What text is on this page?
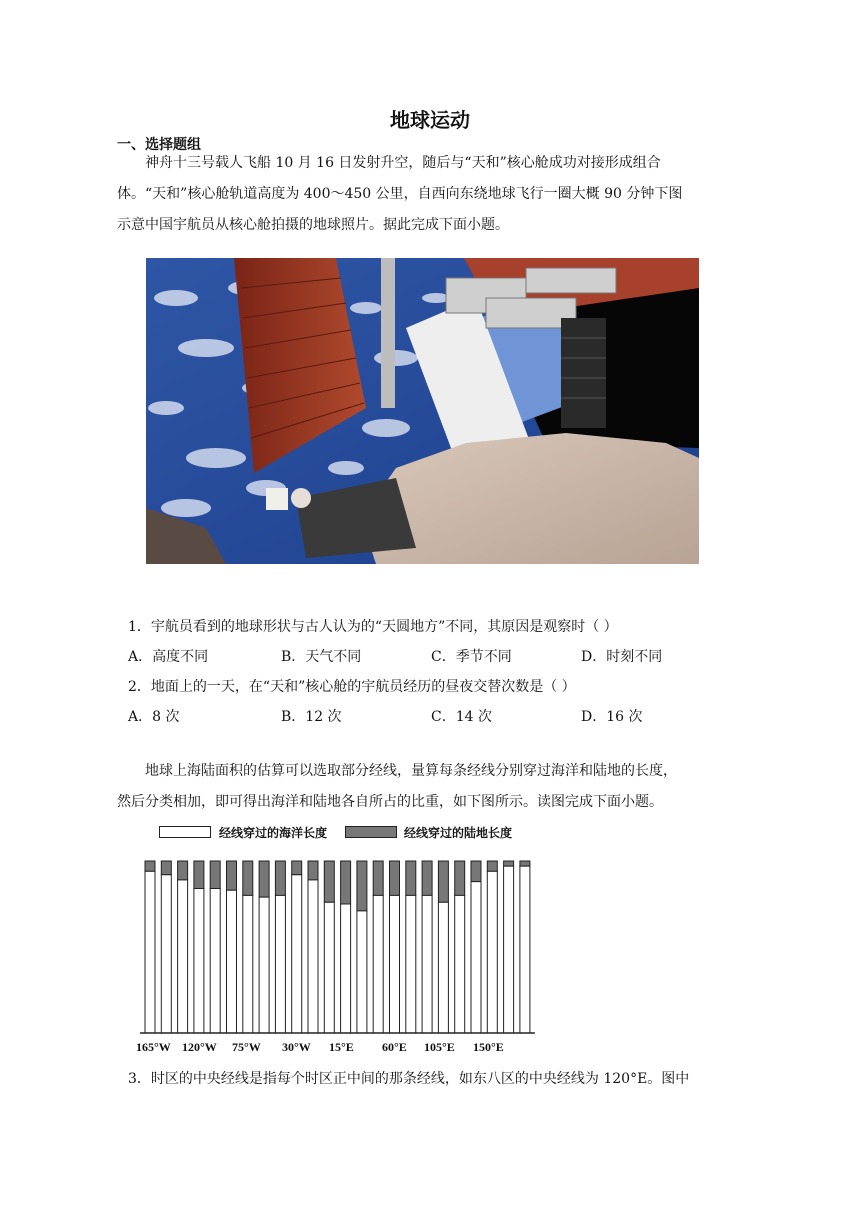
地球运动
一、选择题组
神舟十三号载人飞船 10 月 16 日发射升空，随后与“天和”核心舱成功对接形成组合
体。“天和”核心舱轨道高度为 400～450 公里，自西向东绕地球飞行一圈大概 90 分钟下图
示意中国宇航员从核心舱拍摄的地球照片。据此完成下面小题。
1．宇航员看到的地球形状与古人认为的“天圆地方”不同，其原因是观察时（ ）
A．高度不同	B．天气不同	C．季节不同	D．时刻不同
2．地面上的一天，在“天和”核心舱的宇航员经历的昼夜交替次数是（ ）
A．8 次	B．12 次	C．14 次	D．16 次
地球上海陆面积的估算可以选取部分经线，量算每条经线分别穿过海洋和陆地的长度，
然后分类相加，即可得出海洋和陆地各自所占的比重，如下图所示。读图完成下面小题。
经线穿过的海洋长度	经线穿过的陆地长度
165°W 120°W 75°W 30°W 15°E 60°E 105°E 150°E
3．时区的中央经线是指每个时区正中间的那条经线，如东八区的中央经线为 120°E。图中
